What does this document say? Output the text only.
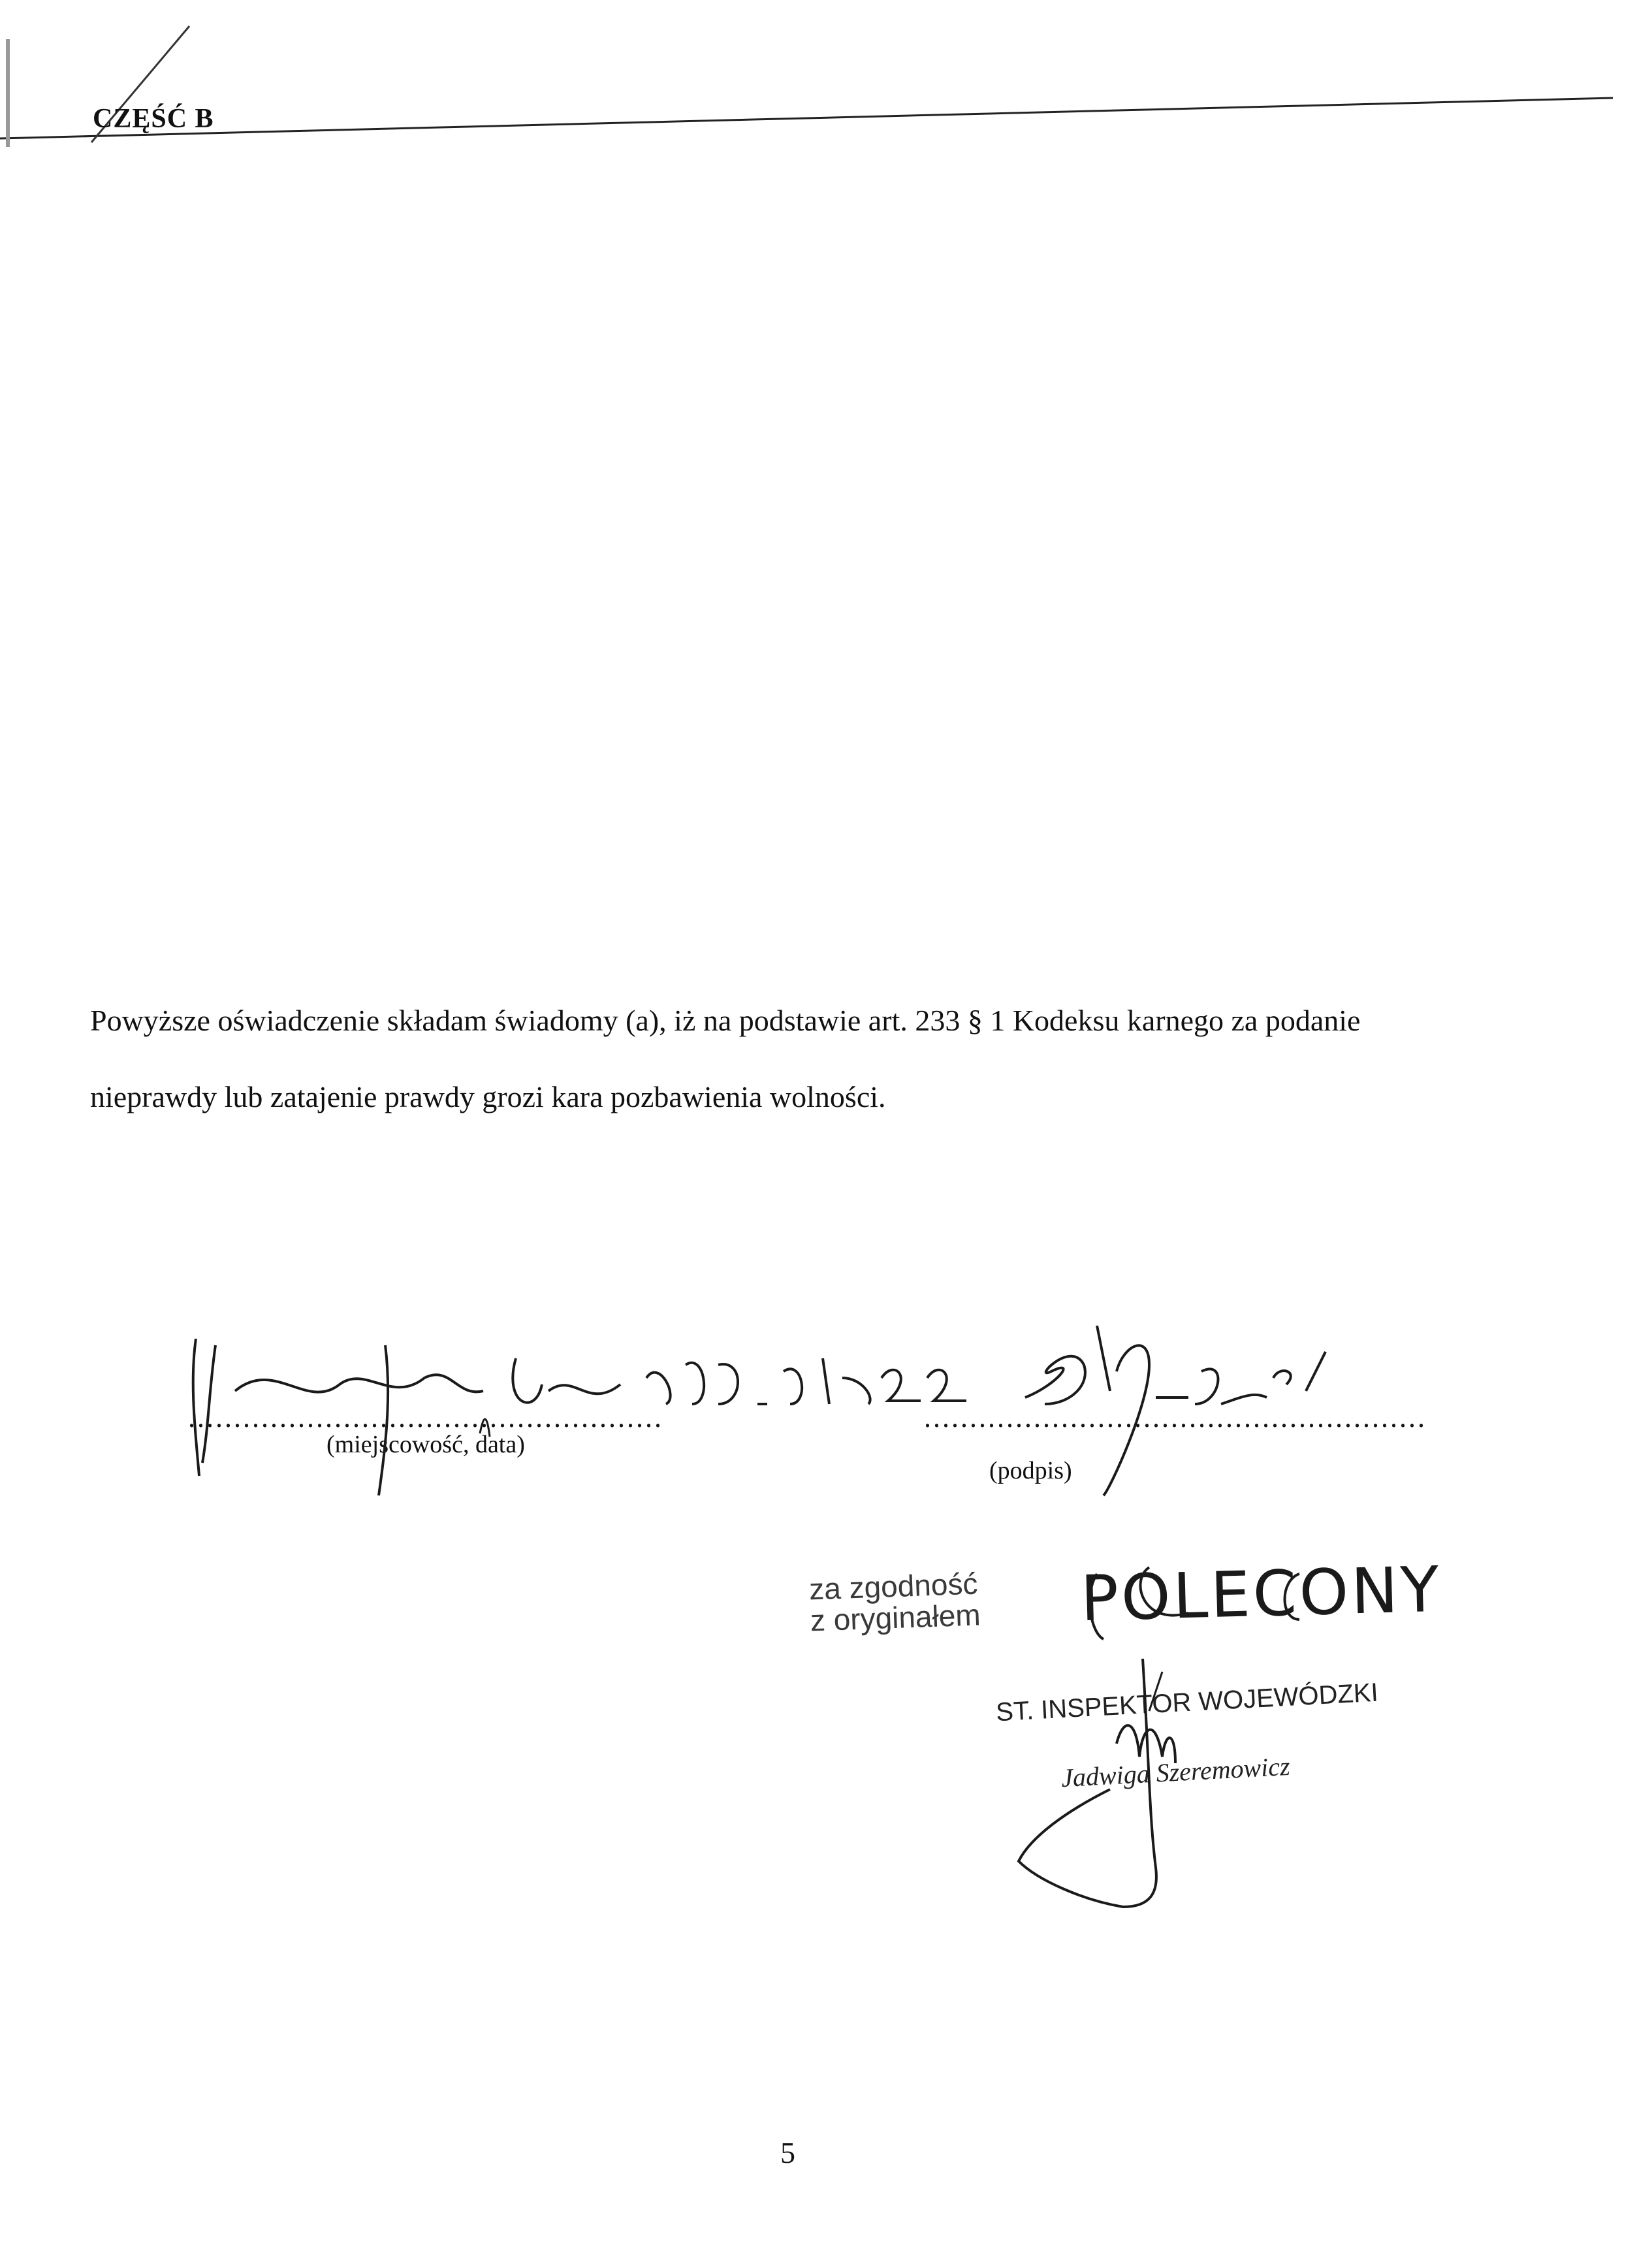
CZĘŚĆ B
Powyższe oświadczenie składam świadomy (a), iż na podstawie art. 233 § 1 Kodeksu karnego za podanie
nieprawdy lub zatajenie prawdy grozi kara pozbawienia wolności.
....................................................
(miejscowość, data)
.......................................................
(podpis)
za zgodność
z oryginałem POLECONY
ST. INSPEKTOR WOJEWÓDZKI
Jadwiga Szeremowicz
5
